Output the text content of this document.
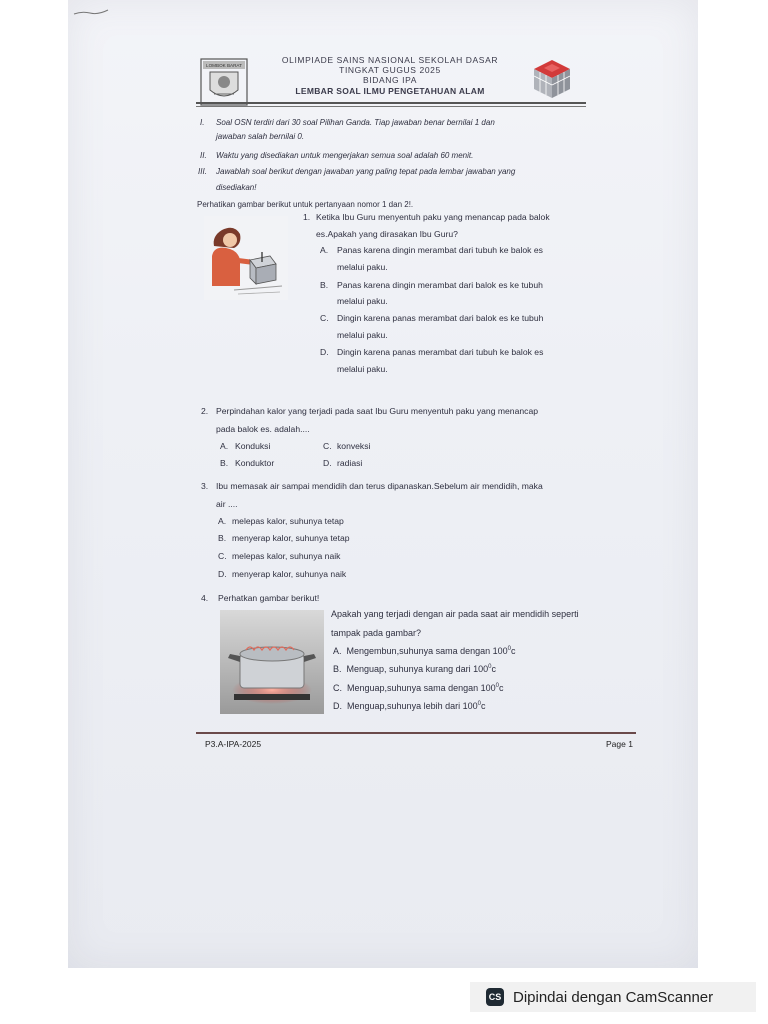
LOMBOK BARAT
OLIMPIADE SAINS NASIONAL SEKOLAH DASAR
TINGKAT GUGUS 2025
BIDANG IPA
LEMBAR SOAL ILMU PENGETAHUAN ALAM
I. Soal OSN terdiri dari 30 soal Pilihan Ganda. Tiap jawaban benar bernilai 1 dan
jawaban salah bernilai 0.
II. Waktu yang disediakan untuk mengerjakan semua soal adalah 60 menit.
III. Jawablah soal berikut dengan jawaban yang paling tepat pada lembar jawaban yang
disediakan!
Perhatikan gambar berikut untuk pertanyaan nomor 1 dan 2!.
1. Ketika Ibu Guru menyentuh paku yang menancap pada balok
es.Apakah yang dirasakan Ibu Guru?
A. Panas karena dingin merambat dari tubuh ke balok es
melalui paku.
B. Panas karena dingin merambat dari balok es ke tubuh
melalui paku.
C. Dingin karena panas merambat dari balok es ke tubuh
melalui paku.
D. Dingin karena panas merambat dari tubuh ke balok es
melalui paku.
2. Perpindahan kalor yang terjadi pada saat Ibu Guru menyentuh paku yang menancap
pada balok es. adalah....
A. Konduksi	C. konveksi
B. Konduktor	D. radiasi
3. Ibu memasak air sampai mendidih dan terus dipanaskan.Sebelum air mendidih, maka
air ....
A. melepas kalor, suhunya tetap
B. menyerap kalor, suhunya tetap
C. melepas kalor, suhunya naik
D. menyerap kalor, suhunya naik
4. Perhatkan gambar berikut!
Apakah yang terjadi dengan air pada saat air mendidih seperti
tampak pada gambar?
A. Mengembun,suhunya sama dengan $100^0c$
B. Menguap, suhunya kurang dari $100^0c$
C. Menguap,suhunya sama dengan $100^0c$
D. Menguap,suhunya lebih dari $100^0c$
P3.A-IPA-2025	Page 1
CS Dipindai dengan CamScanner
